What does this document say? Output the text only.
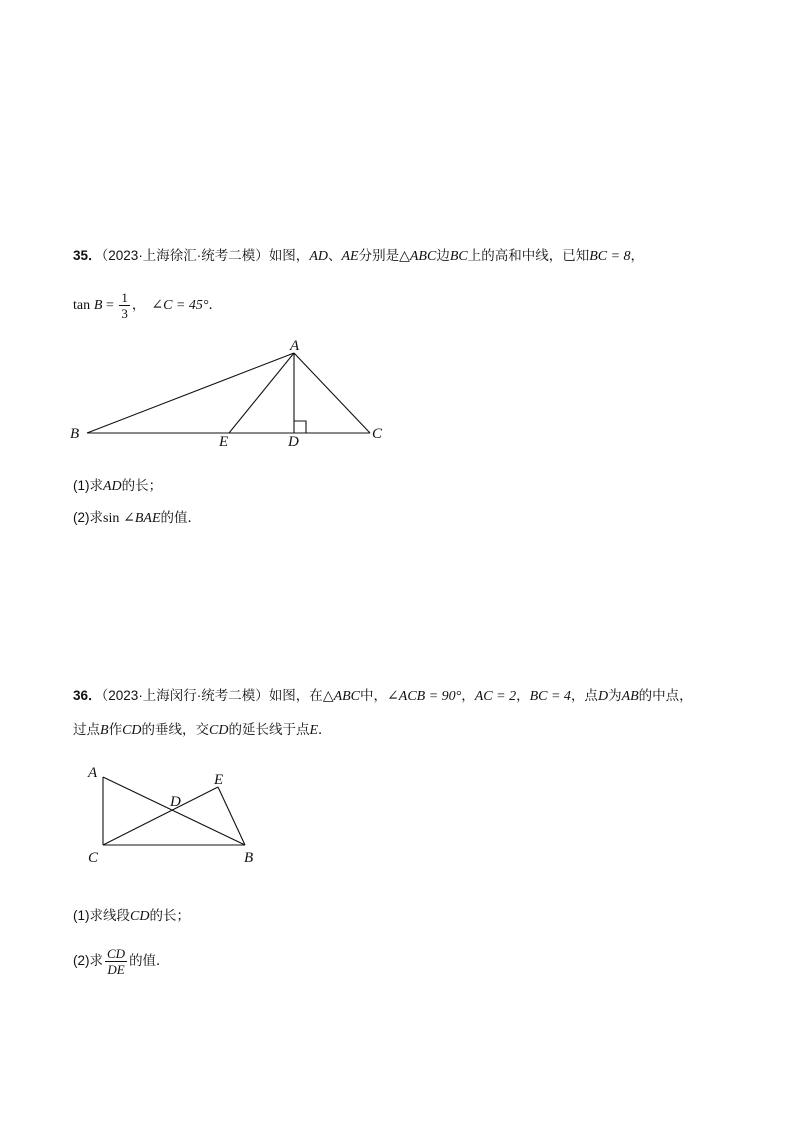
35．（2023·上海徐汇·统考二模）如图，AD、AE分别是△ABC边BC上的高和中线，已知BC = 8，
$\tan B = \frac{1}{3}$ ， ∠C = 45°．
A
B	C
D
E
A
C	B
D
E
(1)求AD的长；
(2)求sin ∠BAE的值．
36．（2023·上海闵行·统考二模）如图，在△ABC中，∠ACB = 90°，AC = 2，BC = 4，点D为AB的中点，
过点B作CD的垂线，交CD的延长线于点E．
(1)求线段CD的长；
(2)求 $\frac{CD}{DE}$ 的值．
